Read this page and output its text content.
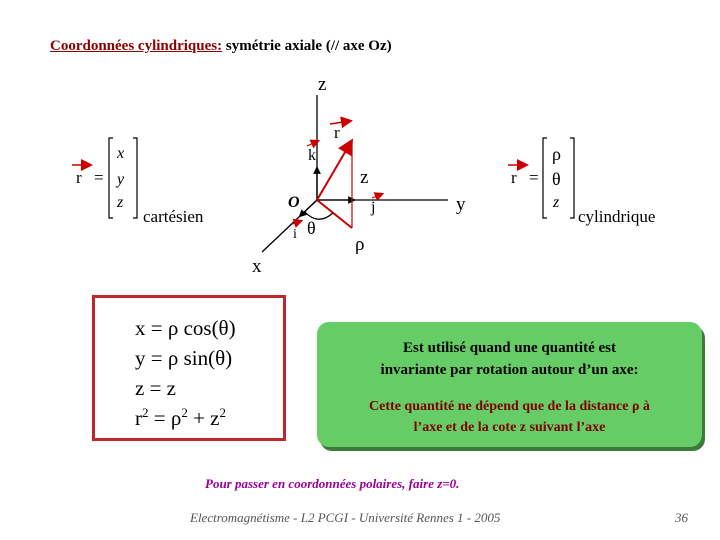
Coordonnées cylindriques: symétrie axiale (// axe Oz)
z
r
k
z
O	j	y
θ
i	ρ
x
r =
x
y
z
cartésien
r =
ρ
θ
z
cylindrique
x = ρ cos(θ)
y = ρ sin(θ)
z = z
$r^2 = \rho^2 + z^2$
Est utilisé quand une quantité est
invariante par rotation autour d’un axe:
Cette quantité ne dépend que de la distance ρ à
l’axe et de la cote z suivant l’axe
Pour passer en coordonnées polaires, faire z=0.
Electromagnétisme - L2 PCGI - Université Rennes 1 - 2005	36
